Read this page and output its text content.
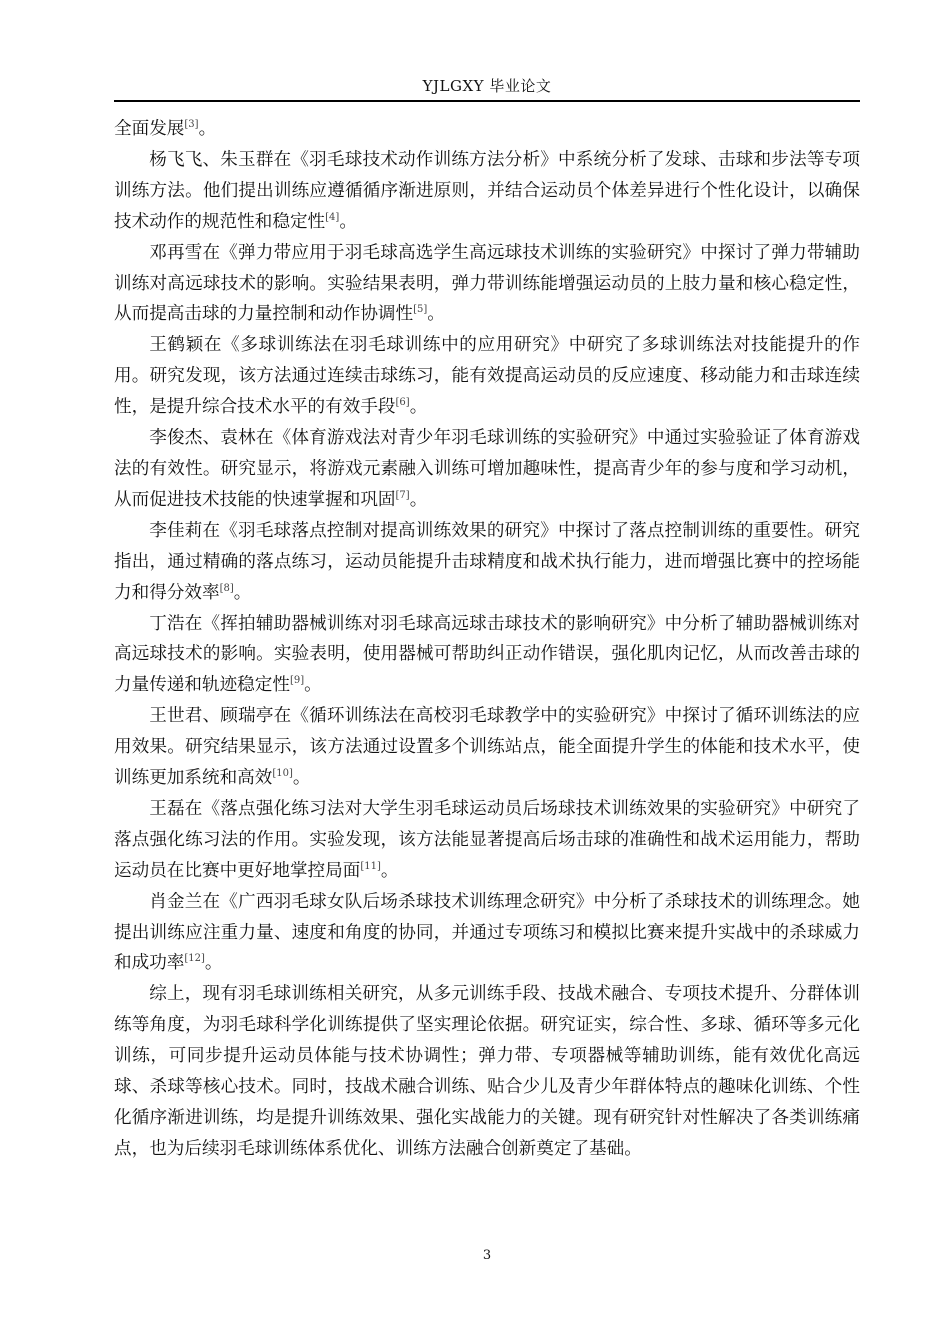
YJLGXY 毕业论文

全面发展[3]。

杨飞飞、朱玉群在《羽毛球技术动作训练方法分析》中系统分析了发球、击球和步法等专项训练方法。他们提出训练应遵循循序渐进原则，并结合运动员个体差异进行个性化设计，以确保技术动作的规范性和稳定性[4]。

邓再雪在《弹力带应用于羽毛球高选学生高远球技术训练的实验研究》中探讨了弹力带辅助训练对高远球技术的影响。实验结果表明，弹力带训练能增强运动员的上肢力量和核心稳定性，从而提高击球的力量控制和动作协调性[5]。

王鹤颖在《多球训练法在羽毛球训练中的应用研究》中研究了多球训练法对技能提升的作用。研究发现，该方法通过连续击球练习，能有效提高运动员的反应速度、移动能力和击球连续性，是提升综合技术水平的有效手段[6]。

李俊杰、袁林在《体育游戏法对青少年羽毛球训练的实验研究》中通过实验验证了体育游戏法的有效性。研究显示，将游戏元素融入训练可增加趣味性，提高青少年的参与度和学习动机，从而促进技术技能的快速掌握和巩固[7]。

李佳莉在《羽毛球落点控制对提高训练效果的研究》中探讨了落点控制训练的重要性。研究指出，通过精确的落点练习，运动员能提升击球精度和战术执行能力，进而增强比赛中的控场能力和得分效率[8]。

丁浩在《挥拍辅助器械训练对羽毛球高远球击球技术的影响研究》中分析了辅助器械训练对高远球技术的影响。实验表明，使用器械可帮助纠正动作错误，强化肌肉记忆，从而改善击球的力量传递和轨迹稳定性[9]。

王世君、顾瑞亭在《循环训练法在高校羽毛球教学中的实验研究》中探讨了循环训练法的应用效果。研究结果显示，该方法通过设置多个训练站点，能全面提升学生的体能和技术水平，使训练更加系统和高效[10]。

王磊在《落点强化练习法对大学生羽毛球运动员后场球技术训练效果的实验研究》中研究了落点强化练习法的作用。实验发现，该方法能显著提高后场击球的准确性和战术运用能力，帮助运动员在比赛中更好地掌控局面[11]。

肖金兰在《广西羽毛球女队后场杀球技术训练理念研究》中分析了杀球技术的训练理念。她提出训练应注重力量、速度和角度的协同，并通过专项练习和模拟比赛来提升实战中的杀球威力和成功率[12]。

综上，现有羽毛球训练相关研究，从多元训练手段、技战术融合、专项技术提升、分群体训练等角度，为羽毛球科学化训练提供了坚实理论依据。研究证实，综合性、多球、循环等多元化训练，可同步提升运动员体能与技术协调性；弹力带、专项器械等辅助训练，能有效优化高远球、杀球等核心技术。同时，技战术融合训练、贴合少儿及青少年群体特点的趣味化训练、个性化循序渐进训练，均是提升训练效果、强化实战能力的关键。现有研究针对性解决了各类训练痛点，也为后续羽毛球训练体系优化、训练方法融合创新奠定了基础。

3
